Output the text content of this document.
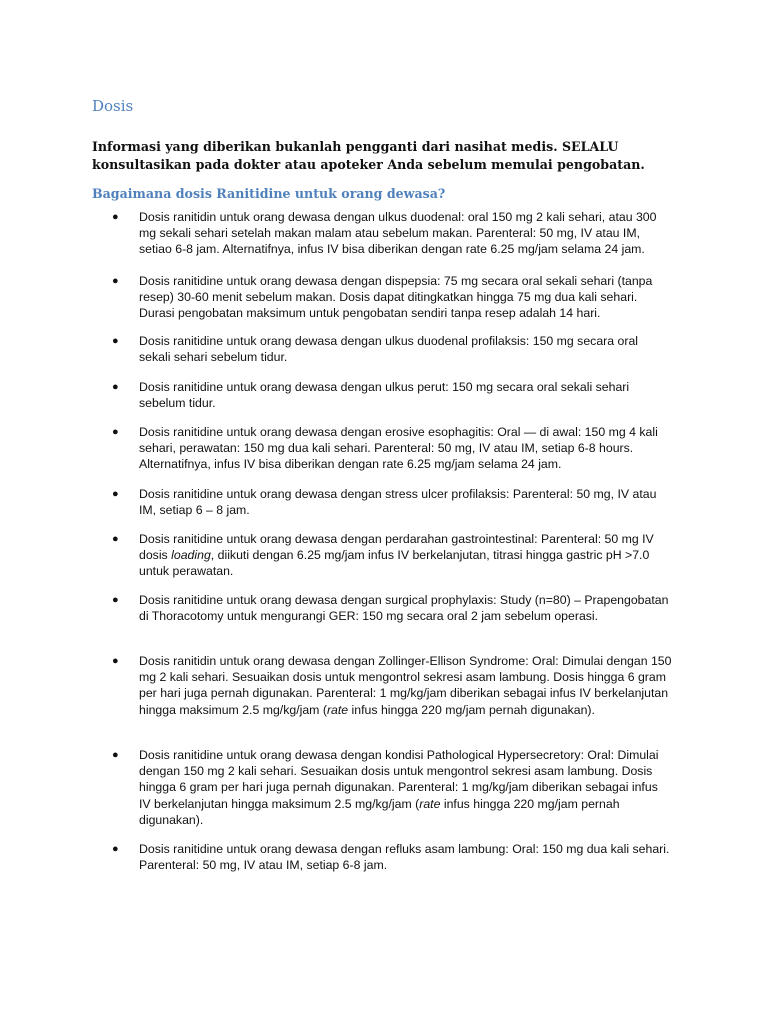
Dosis

Informasi yang diberikan bukanlah pengganti dari nasihat medis. SELALU konsultasikan pada dokter atau apoteker Anda sebelum memulai pengobatan.

Bagaimana dosis Ranitidine untuk orang dewasa?
●	Dosis ranitidin untuk orang dewasa dengan ulkus duodenal: oral 150 mg 2 kali sehari, atau 300 mg sekali sehari setelah makan malam atau sebelum makan. Parenteral: 50 mg, IV atau IM, setiao 6-8 jam. Alternatifnya, infus IV bisa diberikan dengan rate 6.25 mg/jam selama 24 jam.
●	Dosis ranitidine untuk orang dewasa dengan dispepsia: 75 mg secara oral sekali sehari (tanpa resep) 30-60 menit sebelum makan. Dosis dapat ditingkatkan hingga 75 mg dua kali sehari. Durasi pengobatan maksimum untuk pengobatan sendiri tanpa resep adalah 14 hari.
●	Dosis ranitidine untuk orang dewasa dengan ulkus duodenal profilaksis: 150 mg secara oral sekali sehari sebelum tidur.
●	Dosis ranitidine untuk orang dewasa dengan ulkus perut: 150 mg secara oral sekali sehari sebelum tidur.
●	Dosis ranitidine untuk orang dewasa dengan erosive esophagitis: Oral — di awal: 150 mg 4 kali sehari, perawatan: 150 mg dua kali sehari. Parenteral: 50 mg, IV atau IM, setiap 6-8 hours. Alternatifnya, infus IV bisa diberikan dengan rate 6.25 mg/jam selama 24 jam.
●	Dosis ranitidine untuk orang dewasa dengan stress ulcer profilaksis: Parenteral: 50 mg, IV atau IM, setiap 6 – 8 jam.
●	Dosis ranitidine untuk orang dewasa dengan perdarahan gastrointestinal: Parenteral: 50 mg IV dosis loading, diikuti dengan 6.25 mg/jam infus IV berkelanjutan, titrasi hingga gastric pH >7.0 untuk perawatan.
●	Dosis ranitidine untuk orang dewasa dengan surgical prophylaxis: Study (n=80) – Prapengobatan di Thoracotomy untuk mengurangi GER: 150 mg secara oral 2 jam sebelum operasi.
●	Dosis ranitidin untuk orang dewasa dengan Zollinger-Ellison Syndrome: Oral: Dimulai dengan 150 mg 2 kali sehari. Sesuaikan dosis untuk mengontrol sekresi asam lambung. Dosis hingga 6 gram per hari juga pernah digunakan. Parenteral: 1 mg/kg/jam diberikan sebagai infus IV berkelanjutan hingga maksimum 2.5 mg/kg/jam (rate infus hingga 220 mg/jam pernah digunakan).
●	Dosis ranitidine untuk orang dewasa dengan kondisi Pathological Hypersecretory: Oral: Dimulai dengan 150 mg 2 kali sehari. Sesuaikan dosis untuk mengontrol sekresi asam lambung. Dosis hingga 6 gram per hari juga pernah digunakan. Parenteral: 1 mg/kg/jam diberikan sebagai infus IV berkelanjutan hingga maksimum 2.5 mg/kg/jam (rate infus hingga 220 mg/jam pernah digunakan).
●	Dosis ranitidine untuk orang dewasa dengan refluks asam lambung: Oral: 150 mg dua kali sehari. Parenteral: 50 mg, IV atau IM, setiap 6-8 jam.
